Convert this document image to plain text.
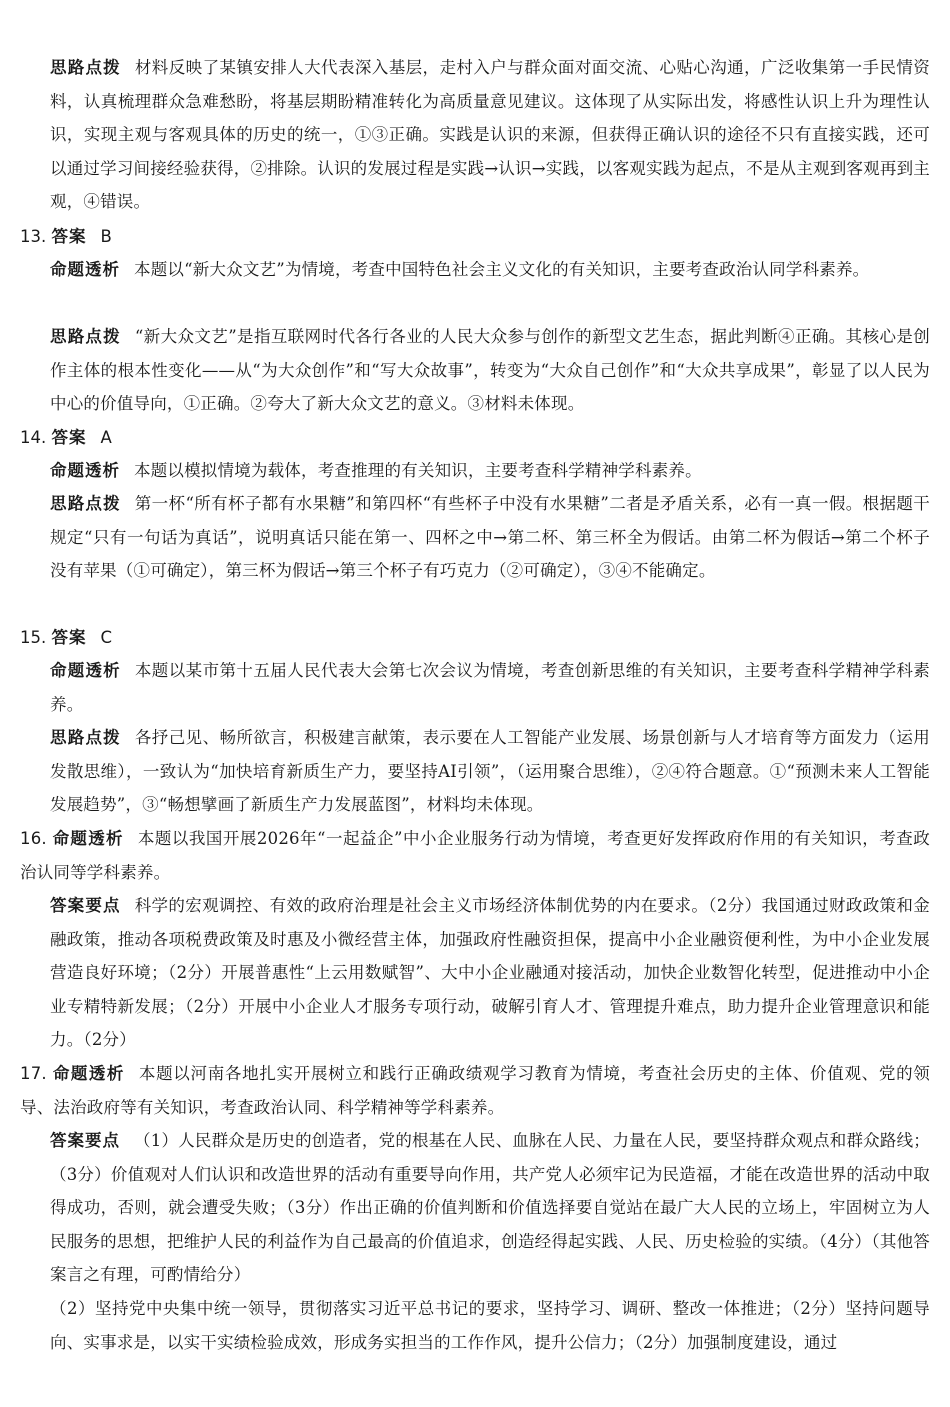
思路点拨 材料反映了某镇安排人大代表深入基层，走村入户与群众面对面交流、心贴心沟通，广泛收集第一手民情资料，认真梳理群众急难愁盼，将基层期盼精准转化为高质量意见建议。这体现了从实际出发，将感性认识上升为理性认识，实现主观与客观具体的历史的统一，①③正确。实践是认识的来源，但获得正确认识的途径不只有直接实践，还可以通过学习间接经验获得，②排除。认识的发展过程是实践→认识→实践，以客观实践为起点，不是从主观到客观再到主观，④错误。
13. 答案 B
命题透析 本题以“新大众文艺”为情境，考查中国特色社会主义文化的有关知识，主要考查政治认同学科素养。
思路点拨 “新大众文艺”是指互联网时代各行各业的人民大众参与创作的新型文艺生态，据此判断④正确。其核心是创作主体的根本性变化——从“为大众创作”和“写大众故事”，转变为“大众自己创作”和“大众共享成果”，彰显了以人民为中心的价值导向，①正确。②夸大了新大众文艺的意义。③材料未体现。
14. 答案 A
命题透析 本题以模拟情境为载体，考查推理的有关知识，主要考查科学精神学科素养。
思路点拨 第一杯“所有杯子都有水果糖”和第四杯“有些杯子中没有水果糖”二者是矛盾关系，必有一真一假。根据题干规定“只有一句话为真话”，说明真话只能在第一、四杯之中→第二杯、第三杯全为假话。由第二杯为假话→第二个杯子没有苹果（①可确定），第三杯为假话→第三个杯子有巧克力（②可确定），③④不能确定。
15. 答案 C
命题透析 本题以某市第十五届人民代表大会第七次会议为情境，考查创新思维的有关知识，主要考查科学精神学科素养。
思路点拨 各抒己见、畅所欲言，积极建言献策，表示要在人工智能产业发展、场景创新与人才培育等方面发力（运用发散思维），一致认为“加快培育新质生产力，要坚持AI引领”，（运用聚合思维），②④符合题意。①“预测未来人工智能发展趋势”，③“畅想擘画了新质生产力发展蓝图”，材料均未体现。
16. 命题透析 本题以我国开展2026年“一起益企”中小企业服务行动为情境，考查更好发挥政府作用的有关知识，考查政治认同等学科素养。
答案要点 科学的宏观调控、有效的政府治理是社会主义市场经济体制优势的内在要求。（2分）我国通过财政政策和金融政策，推动各项税费政策及时惠及小微经营主体，加强政府性融资担保，提高中小企业融资便利性，为中小企业发展营造良好环境；（2分）开展普惠性“上云用数赋智”、大中小企业融通对接活动，加快企业数智化转型，促进推动中小企业专精特新发展；（2分）开展中小企业人才服务专项行动，破解引育人才、管理提升难点，助力提升企业管理意识和能力。（2分）
17. 命题透析 本题以河南各地扎实开展树立和践行正确政绩观学习教育为情境，考查社会历史的主体、价值观、党的领导、法治政府等有关知识，考查政治认同、科学精神等学科素养。
答案要点 （1）人民群众是历史的创造者，党的根基在人民、血脉在人民、力量在人民，要坚持群众观点和群众路线；（3分）价值观对人们认识和改造世界的活动有重要导向作用，共产党人必须牢记为民造福，才能在改造世界的活动中取得成功，否则，就会遭受失败；（3分）作出正确的价值判断和价值选择要自觉站在最广大人民的立场上，牢固树立为人民服务的思想，把维护人民的利益作为自己最高的价值追求，创造经得起实践、人民、历史检验的实绩。（4分）（其他答案言之有理，可酌情给分）
（2）坚持党中央集中统一领导，贯彻落实习近平总书记的要求，坚持学习、调研、整改一体推进；（2分）坚持问题导向、实事求是，以实干实绩检验成效，形成务实担当的工作作风，提升公信力；（2分）加强制度建设，通过
